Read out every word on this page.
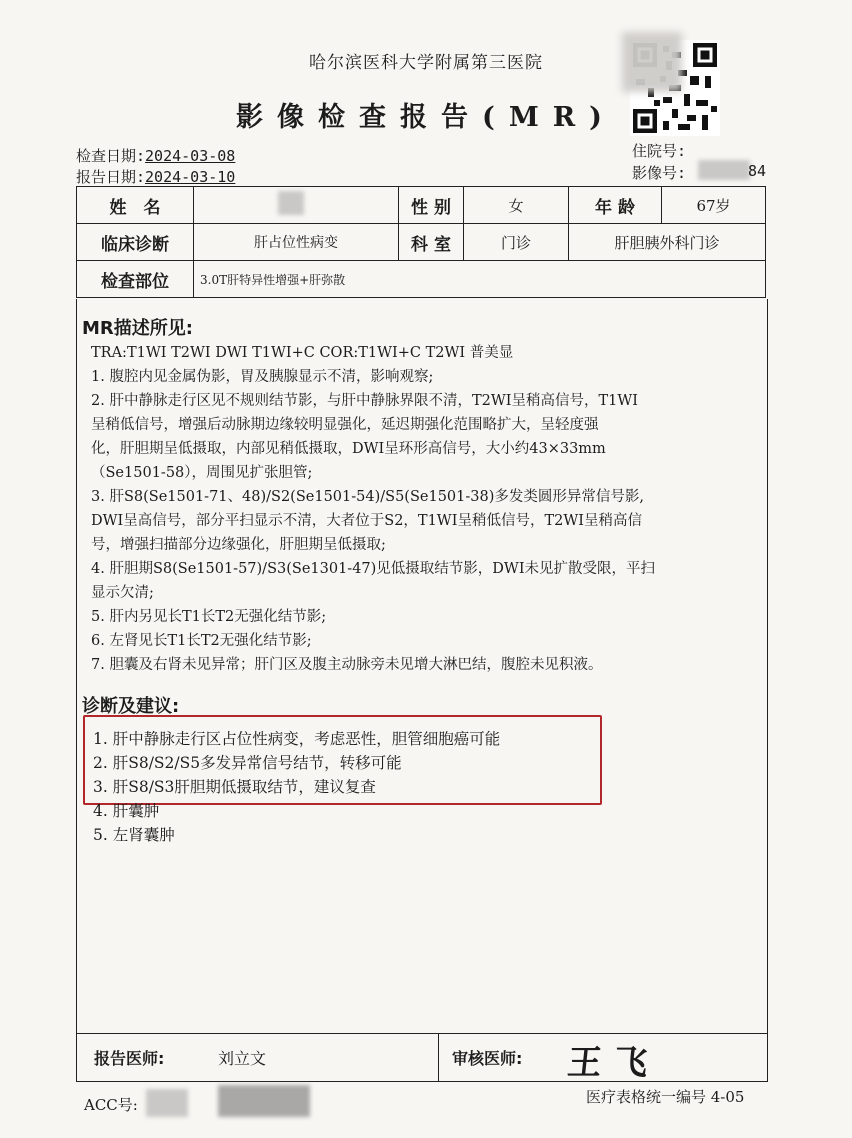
哈尔滨医科大学附属第三医院
影像检查报告(MR)
住院号:
影像号:	84
检查日期:2024-03-08
报告日期:2024-03-10
姓　名		性 别	女	年 龄	67岁
临床诊断	肝占位性病变	科 室	门诊	肝胆胰外科门诊	
检查部位	3.0T肝特异性增强+肝弥散				
MR描述所见:
TRA:T1WI T2WI DWI T1WI+C COR:T1WI+C T2WI 普美显
1. 腹腔内见金属伪影，胃及胰腺显示不清，影响观察;
2. 肝中静脉走行区见不规则结节影，与肝中静脉界限不清，T2WI呈稍高信号，T1WI
呈稍低信号，增强后动脉期边缘较明显强化，延迟期强化范围略扩大，呈轻度强
化，肝胆期呈低摄取，内部见稍低摄取，DWI呈环形高信号，大小约43×33mm
（Se1501-58），周围见扩张胆管;
3. 肝S8(Se1501-71、48)/S2(Se1501-54)/S5(Se1501-38)多发类圆形异常信号影,
DWI呈高信号，部分平扫显示不清，大者位于S2，T1WI呈稍低信号，T2WI呈稍高信
号，增强扫描部分边缘强化，肝胆期呈低摄取;
4. 肝胆期S8(Se1501-57)/S3(Se1301-47)见低摄取结节影，DWI未见扩散受限，平扫
显示欠清;
5. 肝内另见长T1长T2无强化结节影;
6. 左肾见长T1长T2无强化结节影;
7. 胆囊及右肾未见异常；肝门区及腹主动脉旁未见增大淋巴结，腹腔未见积液。
诊断及建议:
1. 肝中静脉走行区占位性病变，考虑恶性，胆管细胞癌可能
2. 肝S8/S2/S5多发异常信号结节，转移可能
3. 肝S8/S3肝胆期低摄取结节，建议复查
4. 肝囊肿
5. 左肾囊肿
报告医师:	刘立文	审核医师: 王飞
ACC号:	医疗表格统一编号 4-05
